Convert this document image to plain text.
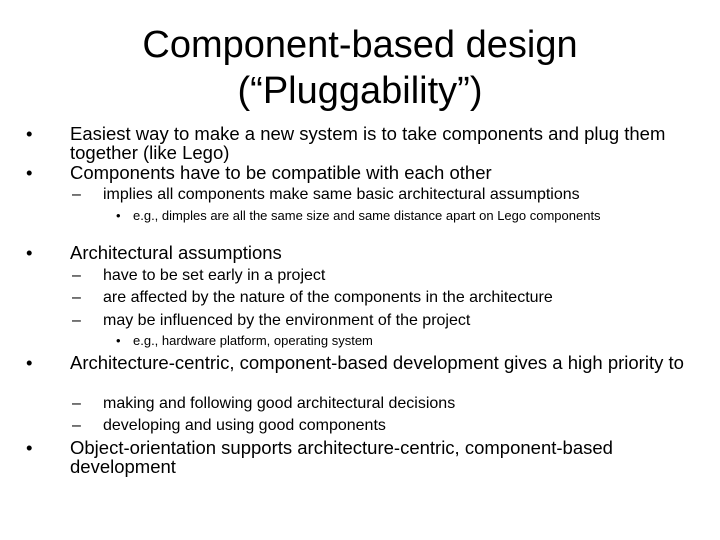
Component-based design
(“Pluggability”)
• Easiest way to make a new system is to take components and plug them together (like Lego)
• Components have to be compatible with each other
– implies all components make same basic architectural assumptions
• e.g., dimples are all the same size and same distance apart on Lego components
• Architectural assumptions
– have to be set early in a project
– are affected by the nature of the components in the architecture
– may be influenced by the environment of the project
• e.g., hardware platform, operating system
• Architecture-centric, component-based development gives a high priority to
– making and following good architectural decisions
– developing and using good components
• Object-orientation supports architecture-centric, component-based development
